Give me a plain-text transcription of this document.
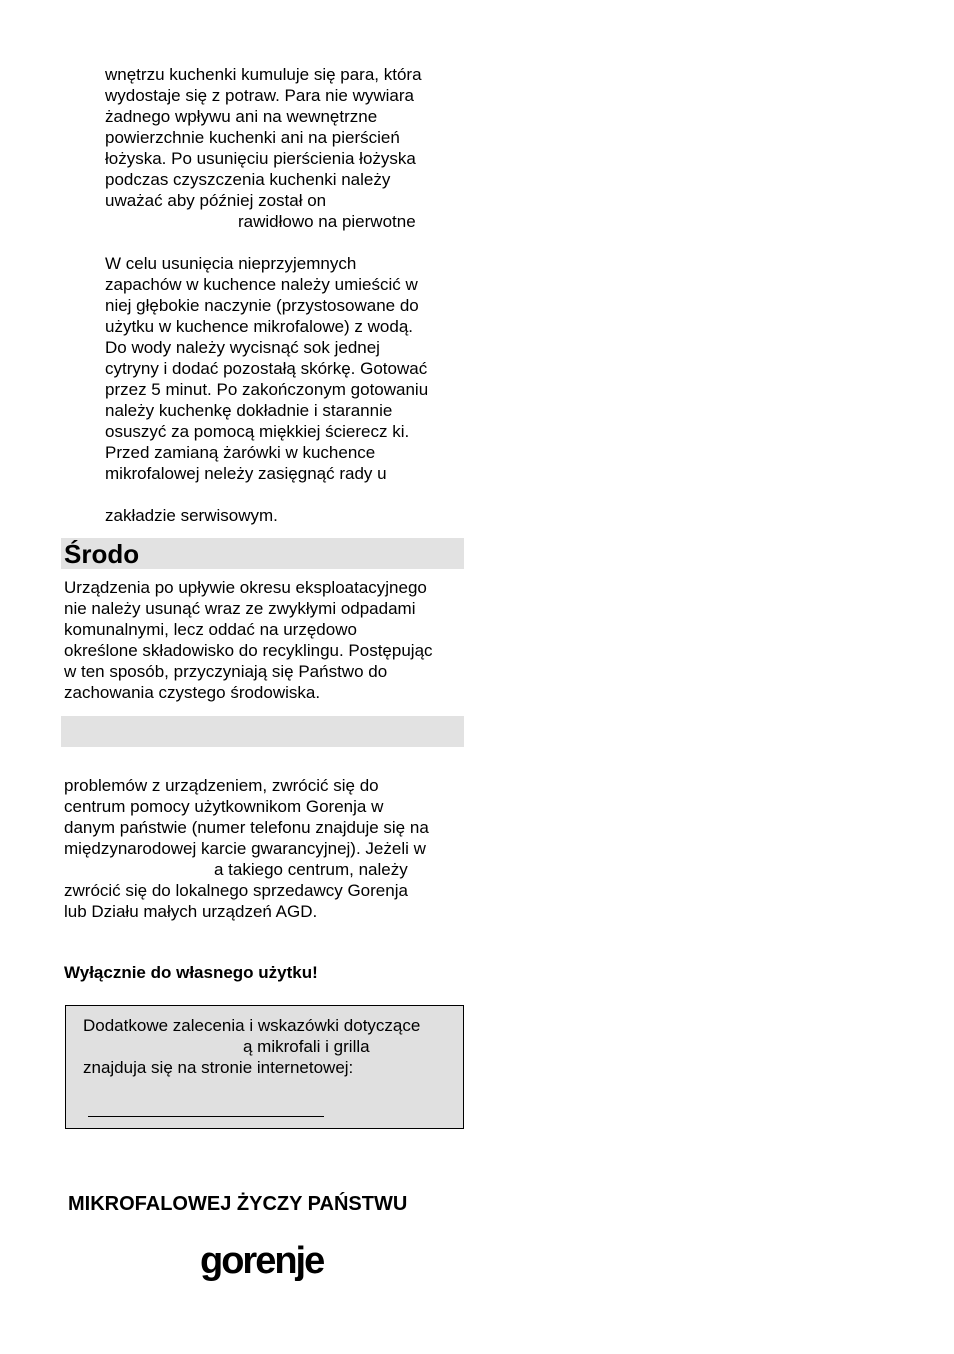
wnętrzu kuchenki kumuluje się para, która
wydostaje się z potraw. Para nie wywiara
żadnego wpływu ani na wewnętrzne
powierzchnie kuchenki ani na pierścień
łożyska. Po usunięciu pierścienia łożyska
podczas czyszczenia kuchenki należy
uważać aby później został on
rawidłowo na pierwotne
W celu usunięcia nieprzyjemnych
zapachów w kuchence należy umieścić w
niej głębokie naczynie (przystosowane do
użytku w kuchence mikrofalowe) z wodą.
Do wody należy wycisnąć sok jednej
cytryny i dodać pozostałą skórkę. Gotować
przez 5 minut. Po zakończonym gotowaniu
należy kuchenkę dokładnie i starannie
osuszyć za pomocą miękkiej ścierecz ki.
Przed zamianą żarówki w kuchence
mikrofalowej neleży zasięgnąć rady u
zakładzie serwisowym.
Środo
Urządzenia po upływie okresu eksploatacyjnego
nie należy usunąć wraz ze zwykłymi odpadami
komunalnymi, lecz oddać na urzędowo
określone składowisko do recyklingu. Postępując
w ten sposób, przyczyniają się Państwo do
zachowania czystego środowiska.
problemów z urządzeniem, zwrócić się do
centrum pomocy użytkownikom Gorenja w
danym państwie (numer telefonu znajduje się na
międzynarodowej karcie gwarancyjnej). Jeżeli w
a takiego centrum, należy
zwrócić się do lokalnego sprzedawcy Gorenja
lub Działu małych urządzeń AGD.
Wyłącznie do własnego użytku!
Dodatkowe zalecenia i wskazówki dotyczące
ą mikrofali i grilla
znajduja się na stronie internetowej:
MIKROFALOWEJ ŻYCZY PAŃSTWU
gorenje
